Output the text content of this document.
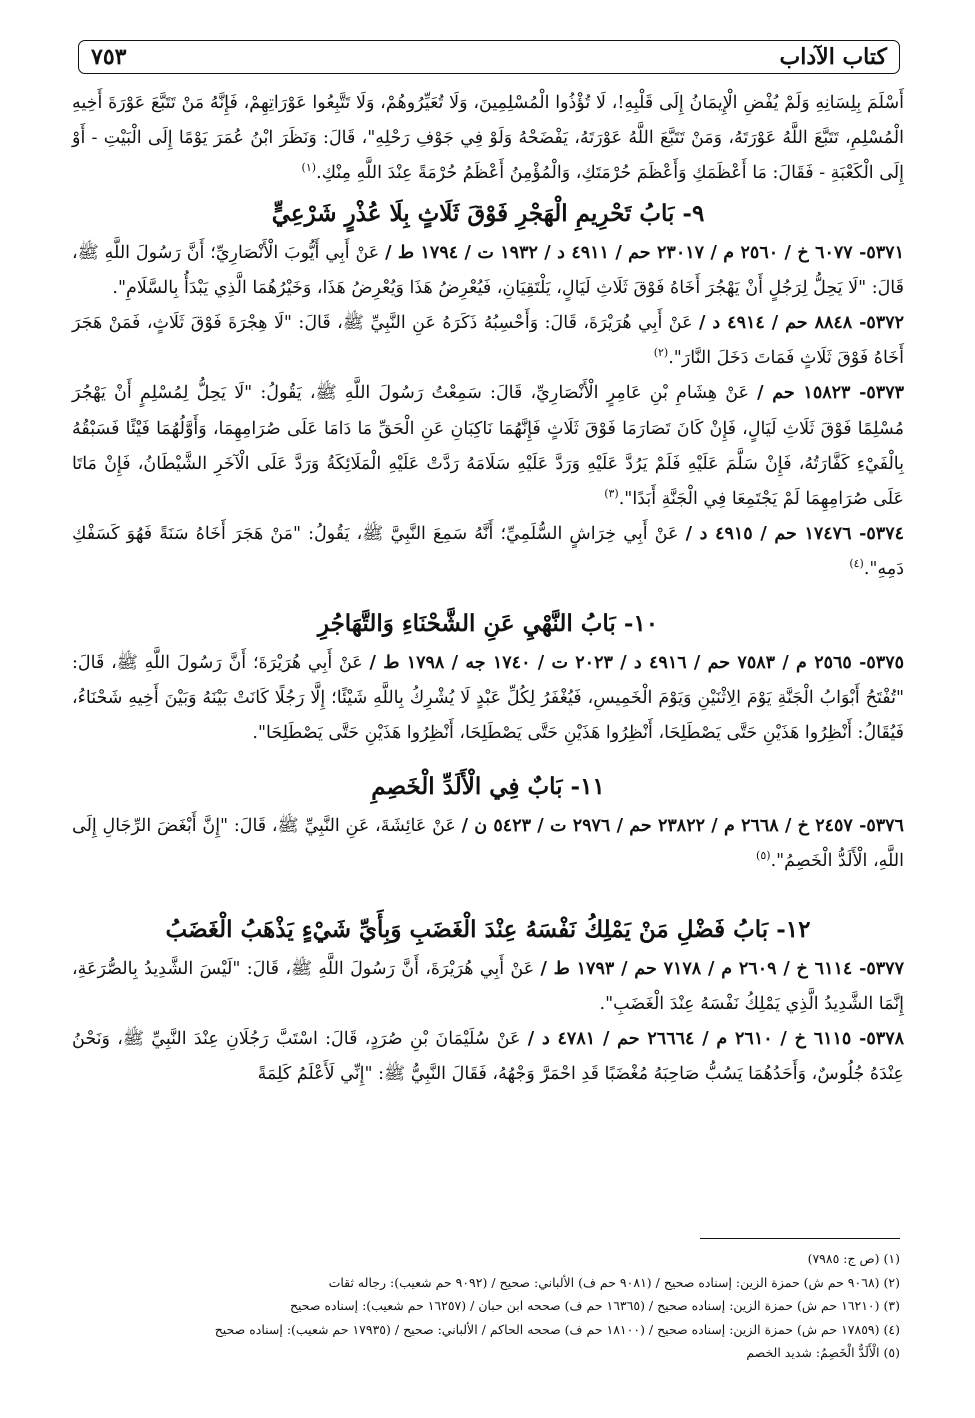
كتاب الآداب
٧٥٣

أَسْلَمَ بِلِسَانِهِ وَلَمْ يُفْضِ الْإِيمَانُ إِلَى قَلْبِهِ!، لَا تُؤْذُوا الْمُسْلِمِينَ، وَلَا تُعَيِّرُوهُمْ، وَلَا تَتَّبِعُوا عَوْرَاتِهِمْ، فَإِنَّهُ مَنْ تَتَبَّعَ عَوْرَةَ أَخِيهِ الْمُسْلِمِ، تَتَبَّعَ اللَّهُ عَوْرَتَهُ، وَمَنْ تَتَبَّعَ اللَّهُ عَوْرَتَهُ، يَفْضَحْهُ وَلَوْ فِي جَوْفِ رَحْلِهِ"، قَالَ: وَنَظَرَ ابْنُ عُمَرَ يَوْمًا إِلَى الْبَيْتِ - أَوْ إِلَى الْكَعْبَةِ - فَقَالَ: مَا أَعْظَمَكِ وَأَعْظَمَ حُرْمَتَكِ، وَالْمُؤْمِنُ أَعْظَمُ حُرْمَةً عِنْدَ اللَّهِ مِنْكِ.$^{(١)}$

٩- بَابُ تَحْرِيمِ الْهَجْرِ فَوْقَ ثَلَاثٍ بِلَا عُذْرٍ شَرْعِيٍّ

٥٣٧١- ٦٠٧٧ خ / ٢٥٦٠ م / ٢٣٠١٧ حم / ٤٩١١ د / ١٩٣٢ ت / ١٧٩٤ ط / عَنْ أَبِي أَيُّوبَ الْأَنْصَارِيِّ؛ أَنَّ رَسُولَ اللَّهِ ﷺ، قَالَ: "لَا يَحِلُّ لِرَجُلٍ أَنْ يَهْجُرَ أَخَاهُ فَوْقَ ثَلَاثِ لَيَالٍ، يَلْتَقِيَانِ، فَيُعْرِضُ هَذَا وَيُعْرِضُ هَذَا، وَخَيْرُهُمَا الَّذِي يَبْدَأُ بِالسَّلَامِ".

٥٣٧٢- ٨٨٤٨ حم / ٤٩١٤ د / عَنْ أَبِي هُرَيْرَةَ، قَالَ: وَأَحْسِبُهُ ذَكَرَهُ عَنِ النَّبِيِّ ﷺ، قَالَ: "لَا هِجْرَةَ فَوْقَ ثَلَاثٍ، فَمَنْ هَجَرَ أَخَاهُ فَوْقَ ثَلَاثٍ فَمَاتَ دَخَلَ النَّارَ".$^{(٢)}$

٥٣٧٣- ١٥٨٢٣ حم / عَنْ هِشَامِ بْنِ عَامِرٍ الْأَنْصَارِيِّ، قَالَ: سَمِعْتُ رَسُولَ اللَّهِ ﷺ، يَقُولُ: "لَا يَحِلُّ لِمُسْلِمٍ أَنْ يَهْجُرَ مُسْلِمًا فَوْقَ ثَلَاثِ لَيَالٍ، فَإِنْ كَانَ تَصَارَمَا فَوْقَ ثَلَاثٍ فَإِنَّهُمَا نَاكِبَانِ عَنِ الْحَقِّ مَا دَامَا عَلَى صُرَامِهِمَا، وَأَوَّلُهُمَا فَيْئًا فَسَبْقُهُ بِالْفَيْءِ كَفَّارَتُهُ، فَإِنْ سَلَّمَ عَلَيْهِ فَلَمْ يَرُدَّ عَلَيْهِ وَرَدَّ عَلَيْهِ سَلَامَهُ رَدَّتْ عَلَيْهِ الْمَلَائِكَةُ وَرَدَّ عَلَى الْآخَرِ الشَّيْطَانُ، فَإِنْ مَاتَا عَلَى صُرَامِهِمَا لَمْ يَجْتَمِعَا فِي الْجَنَّةِ أَبَدًا".$^{(٣)}$

٥٣٧٤- ١٧٤٧٦ حم / ٤٩١٥ د / عَنْ أَبِي خِرَاشٍ السُّلَمِيِّ؛ أَنَّهُ سَمِعَ النَّبِيَّ ﷺ، يَقُولُ: "مَنْ هَجَرَ أَخَاهُ سَنَةً فَهُوَ كَسَفْكِ دَمِهِ".$^{(٤)}$

١٠- بَابُ النَّهْيِ عَنِ الشَّحْنَاءِ وَالتَّهَاجُرِ

٥٣٧٥- ٢٥٦٥ م / ٧٥٨٣ حم / ٤٩١٦ د / ٢٠٢٣ ت / ١٧٤٠ جه / ١٧٩٨ ط / عَنْ أَبِي هُرَيْرَةَ؛ أَنَّ رَسُولَ اللَّهِ ﷺ، قَالَ: "تُفْتَحُ أَبْوَابُ الْجَنَّةِ يَوْمَ الِاثْنَيْنِ وَيَوْمَ الْخَمِيسِ، فَيُغْفَرُ لِكُلِّ عَبْدٍ لَا يُشْرِكُ بِاللَّهِ شَيْئًا؛ إِلَّا رَجُلًا كَانَتْ بَيْنَهُ وَبَيْنَ أَخِيهِ شَحْنَاءُ، فَيُقَالُ: أَنْظِرُوا هَذَيْنِ حَتَّى يَصْطَلِحَا، أَنْظِرُوا هَذَيْنِ حَتَّى يَصْطَلِحَا، أَنْظِرُوا هَذَيْنِ حَتَّى يَصْطَلِحَا".

١١- بَابٌ فِي الْأَلَدِّ الْخَصِمِ

٥٣٧٦- ٢٤٥٧ خ / ٢٦٦٨ م / ٢٣٨٢٢ حم / ٢٩٧٦ ت / ٥٤٢٣ ن / عَنْ عَائِشَةَ، عَنِ النَّبِيِّ ﷺ، قَالَ: "إِنَّ أَبْغَضَ الرِّجَالِ إِلَى اللَّهِ، الْأَلَدُّ الْخَصِمُ".$^{(٥)}$

١٢- بَابُ فَضْلِ مَنْ يَمْلِكُ نَفْسَهُ عِنْدَ الْغَضَبِ وَبِأَيِّ شَيْءٍ يَذْهَبُ الْغَضَبُ

٥٣٧٧- ٦١١٤ خ / ٢٦٠٩ م / ٧١٧٨ حم / ١٧٩٣ ط / عَنْ أَبِي هُرَيْرَةَ، أَنَّ رَسُولَ اللَّهِ ﷺ، قَالَ: "لَيْسَ الشَّدِيدُ بِالصُّرَعَةِ، إِنَّمَا الشَّدِيدُ الَّذِي يَمْلِكُ نَفْسَهُ عِنْدَ الْغَضَبِ".

٥٣٧٨- ٦١١٥ خ / ٢٦١٠ م / ٢٦٦٦٤ حم / ٤٧٨١ د / عَنْ سُلَيْمَانَ بْنِ صُرَدٍ، قَالَ: اسْتَبَّ رَجُلَانِ عِنْدَ النَّبِيِّ ﷺ، وَنَحْنُ عِنْدَهُ جُلُوسٌ، وَأَحَدُهُمَا يَسُبُّ صَاحِبَهُ مُغْضَبًا قَدِ احْمَرَّ وَجْهُهُ، فَقَالَ النَّبِيُّ ﷺ: "إِنِّي لَأَعْلَمُ كَلِمَةً

(١) (ص ج: ٧٩٨٥)
(٢) (٩٠٦٨ حم ش) حمزة الزين: إسناده صحيح / (٩٠٨١ حم ف) الألباني: صحيح / (٩٠٩٢ حم شعيب): رجاله ثقات
(٣) (١٦٢١٠ حم ش) حمزة الزين: إسناده صحيح / (١٦٣٦٥ حم ف) صححه ابن حبان / (١٦٢٥٧ حم شعيب): إسناده صحيح
(٤) (١٧٨٥٩ حم ش) حمزة الزين: إسناده صحيح / (١٨١٠٠ حم ف) صححه الحاكم / الألباني: صحيح / (١٧٩٣٥ حم شعيب): إسناده صحيح
(٥) الْأَلَدُّ الْخَصِمُ: شديد الخصم
